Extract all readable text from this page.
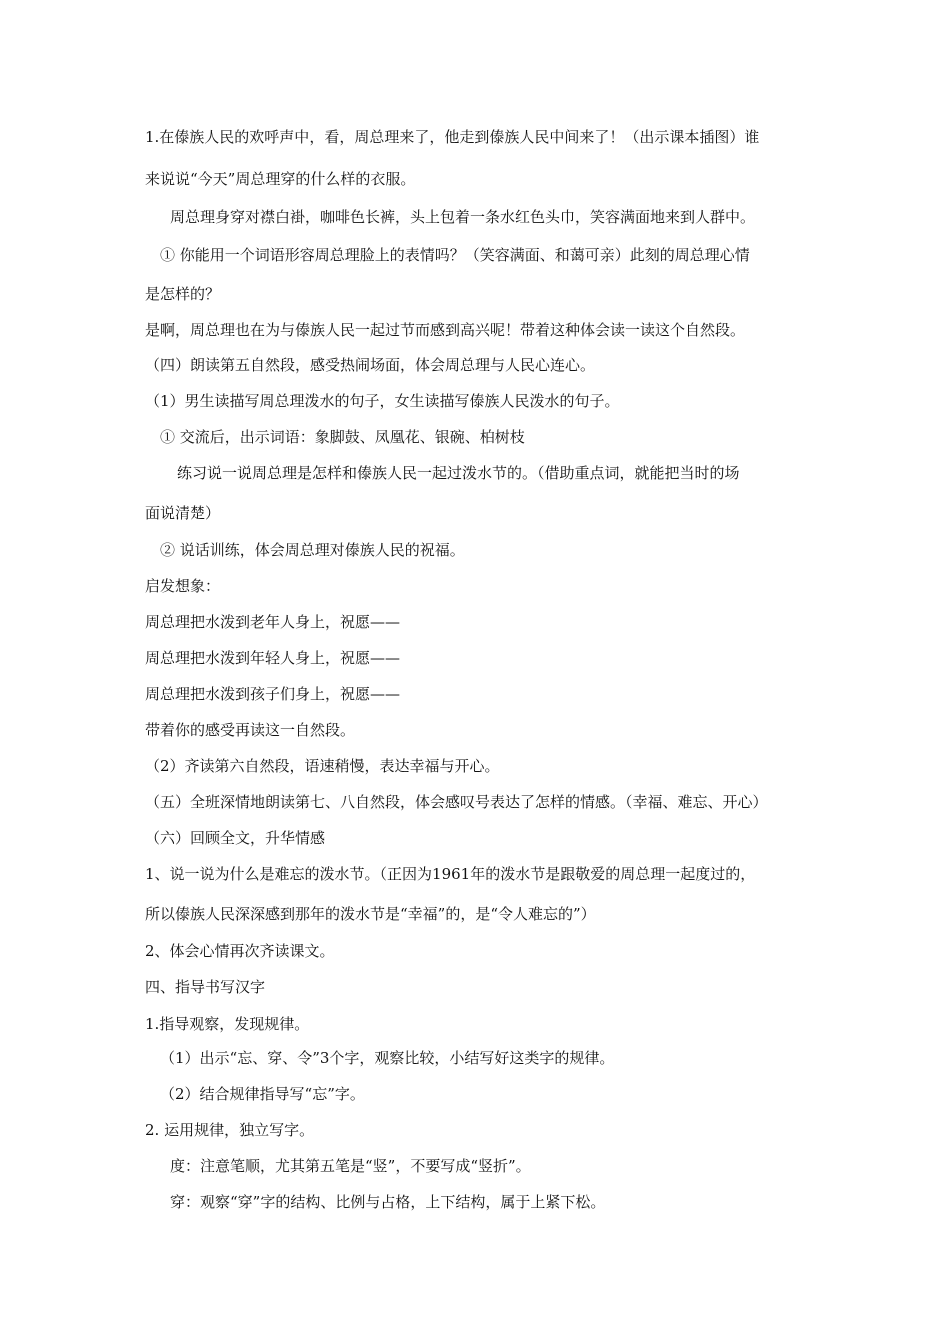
1.在傣族人民的欢呼声中，看，周总理来了，他走到傣族人民中间来了！（出示课本插图）谁
来说说“今天”周总理穿的什么样的衣服。
周总理身穿对襟白褂，咖啡色长裤，头上包着一条水红色头巾，笑容满面地来到人群中。
① 你能用一个词语形容周总理脸上的表情吗？（笑容满面、和蔼可亲）此刻的周总理心情
是怎样的？
是啊，周总理也在为与傣族人民一起过节而感到高兴呢！带着这种体会读一读这个自然段。
（四）朗读第五自然段，感受热闹场面，体会周总理与人民心连心。
（1）男生读描写周总理泼水的句子，女生读描写傣族人民泼水的句子。
① 交流后，出示词语：象脚鼓、凤凰花、银碗、柏树枝
练习说一说周总理是怎样和傣族人民一起过泼水节的。（借助重点词，就能把当时的场
面说清楚）
② 说话训练，体会周总理对傣族人民的祝福。
启发想象：
周总理把水泼到老年人身上，祝愿——
周总理把水泼到年轻人身上，祝愿——
周总理把水泼到孩子们身上，祝愿——
带着你的感受再读这一自然段。
（2）齐读第六自然段，语速稍慢，表达幸福与开心。
（五）全班深情地朗读第七、八自然段，体会感叹号表达了怎样的情感。（幸福、难忘、开心）
（六）回顾全文，升华情感
1、说一说为什么是难忘的泼水节。（正因为1961年的泼水节是跟敬爱的周总理一起度过的，
所以傣族人民深深感到那年的泼水节是“幸福”的，是“令人难忘的”）
2、体会心情再次齐读课文。
四、指导书写汉字
1.指导观察，发现规律。
（1）出示“忘、穿、令”3个字，观察比较，小结写好这类字的规律。
（2）结合规律指导写“忘”字。
2. 运用规律，独立写字。
度：注意笔顺，尤其第五笔是“竖”，不要写成“竖折”。
穿：观察“穿”字的结构、比例与占格，上下结构，属于上紧下松。
